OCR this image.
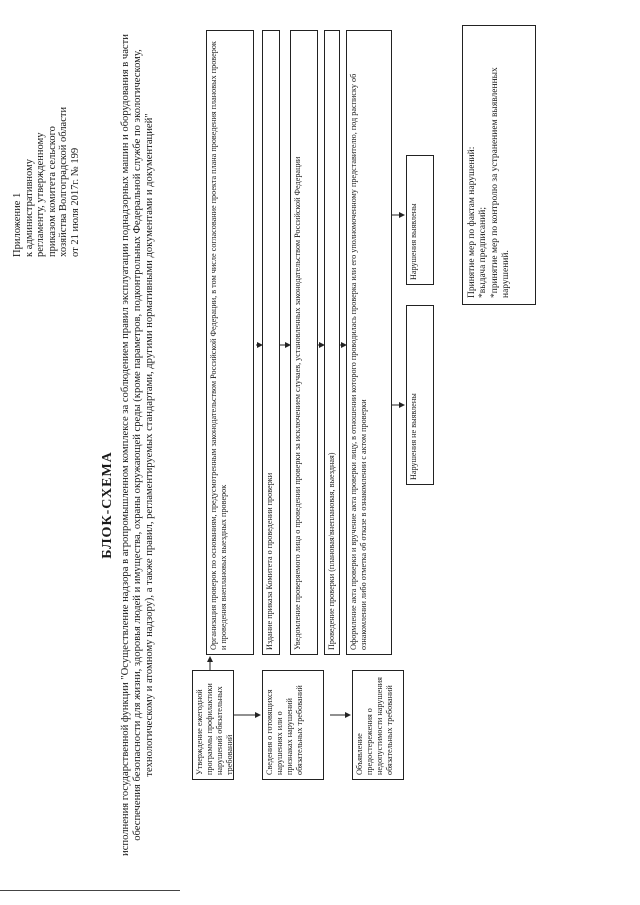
Приложение 1 к административному регламенту, утвержденному приказом комитета сельского хозяйства Волгоградской области от 21 июля 2017г. № 199
БЛОК-СХЕМА исполнения государственной функции "Осуществление надзора в агропромышленном комплексе за соблюдением правил эксплуатации поднадзорных машин и оборудования в части обеспечения безопасности для жизни, здоровья людей и имущества, охраны окружающей среды (кроме параметров, подконтрольных Федеральной службе по экологическому, технологическому и атомному надзору), а также правил, регламентируемых стандартами, другими нормативными документами и документацией"	Утверждение ежегодной программы профилактики нарушений обязательных требований	Сведения о готовящихся нарушениях или о признаках нарушений обязательных требований	Объявление предостережения о недопустимости нарушения обязательных требований
Организация проверок по основаниям, предусмотренным законодательством Российской Федерации, в том числе согласование проекта плана проведения плановых проверок и проведения внеплановых выездных проверок	Издание приказа Комитета о проведении проверки	Уведомление проверяемого лица о проведении проверки за исключением случаев, установленных законодательством Российской Федерации	Проведение проверки (плановая/внеплановая, выездная)	Оформление акта проверки и вручение акта проверки лицу, в отношении которого проводилась проверка или его уполномоченному представителю, под расписку об ознакомлении либо отметка об отказе в ознакомлении с актом проверки	Нарушения не выявлены
Нарушения выявлены	Принятие мер по фактам нарушений: *выдача предписаний; *принятие мер по контролю за устранением выявленных нарушений.
